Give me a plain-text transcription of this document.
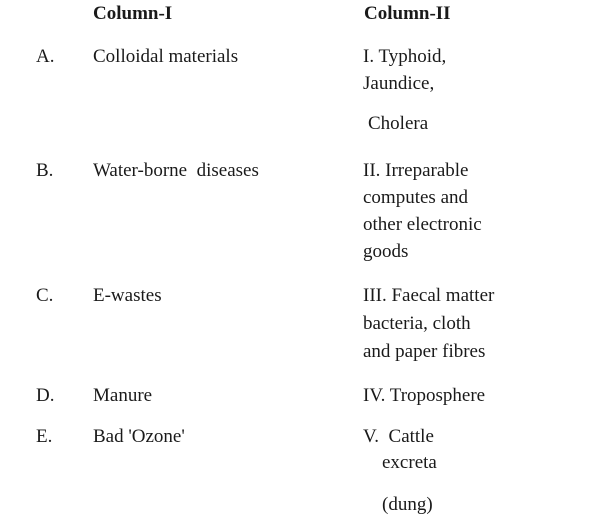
Column-I	Column-II
A. Colloidal materials	I. Typhoid,
Jaundice,
Cholera
B. Water-borne  diseases	II. Irreparable
computes and
other electronic
goods
C. E-wastes	III. Faecal matter
bacteria, cloth
and paper fibres
D. Manure	IV. Troposphere
E. Bad 'Ozone'	V.  Cattle
excreta
(dung)
